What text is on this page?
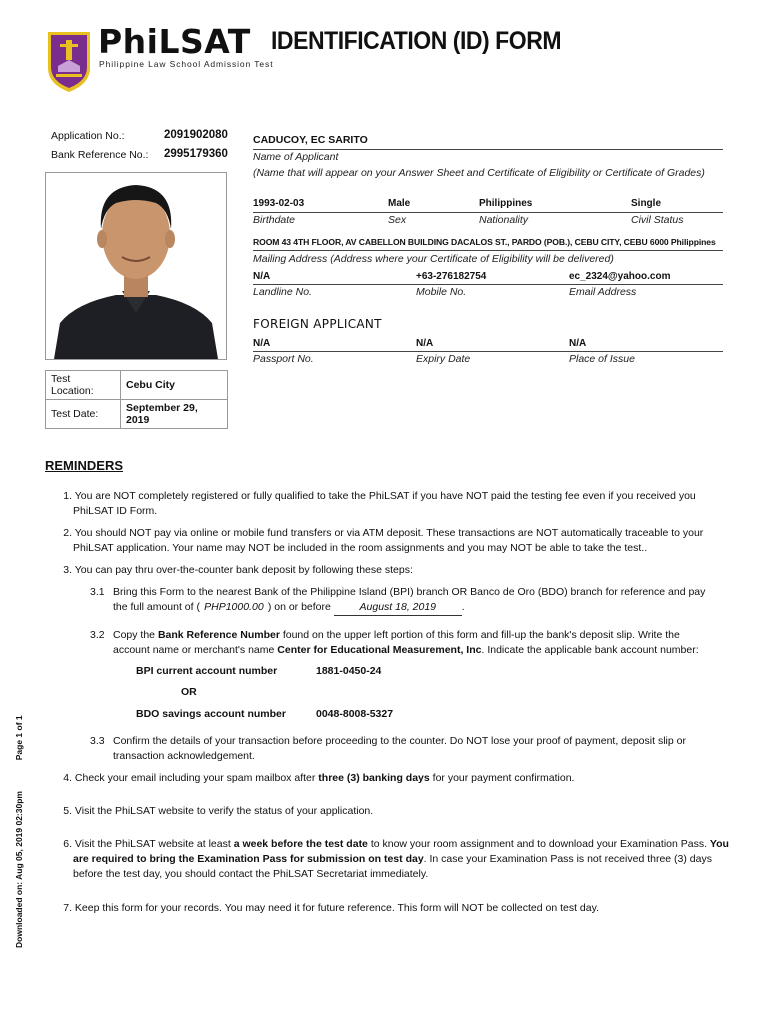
PhiLSAT
Philippine Law School Admission Test
IDENTIFICATION (ID) FORM
Application No.:	2091902080
Bank Reference No.: 2995179360
Test Location:	Cebu City
Test Date:	September 29, 2019
CADUCOY, EC SARITO
Name of Applicant
(Name that will appear on your Answer Sheet and Certificate of Eligibility or Certificate of Grades)
1993-02-03	Male	Philippines	Single
Birthdate	Sex	Nationality	Civil Status
ROOM 43 4TH FLOOR, AV CABELLON BUILDING DACALOS ST., PARDO (POB.), CEBU CITY, CEBU 6000 Philippines
Mailing Address (Address where your Certificate of Eligibility will be delivered)
N/A	+63-276182754	ec_2324@yahoo.com
Landline No.	Mobile No.	Email Address
FOREIGN APPLICANT
N/A	N/A	N/A
Passport No.	Expiry Date	Place of Issue
REMINDERS
1. You are NOT completely registered or fully qualified to take the PhiLSAT if you have NOT paid the testing fee even if you received you
PhiLSAT ID Form.
2. You should NOT pay via online or mobile fund transfers or via ATM deposit. These transactions are NOT automatically traceable to your
PhiLSAT application. Your name may NOT be included in the room assignments and you may NOT be able to take the test..
3. You can pay thru over-the-counter bank deposit by following these steps:
3.1 Bring this Form to the nearest Bank of the Philippine Island (BPI) branch OR Banco de Oro (BDO) branch for reference and pay
the full amount of ( PHP1000.00 ) on or before	August 18, 2019 .
3.2 Copy the Bank Reference Number found on the upper left portion of this form and fill-up the bank's deposit slip. Write the
account name or merchant's name Center for Educational Measurement, Inc. Indicate the applicable bank account number:
BPI current account number	1881-0450-24
OR
BDO savings account number	0048-8008-5327
3.3 Confirm the details of your transaction before proceeding to the counter. Do NOT lose your proof of payment, deposit slip or
transaction acknowledgement.
4. Check your email including your spam mailbox after three (3) banking days for your payment confirmation.
5. Visit the PhiLSAT website to verify the status of your application.
6. Visit the PhiLSAT website at least a week before the test date to know your room assignment and to download your Examination Pass. You
are required to bring the Examination Pass for submission on test day. In case your Examination Pass is not received three (3) days
before the test day, you should contact the PhiLSAT Secretariat immediately.
7. Keep this form for your records. You may need it for future reference. This form will NOT be collected on test day.
Downloaded on: Aug 05, 2019 02:30pm  Page 1 of 1
